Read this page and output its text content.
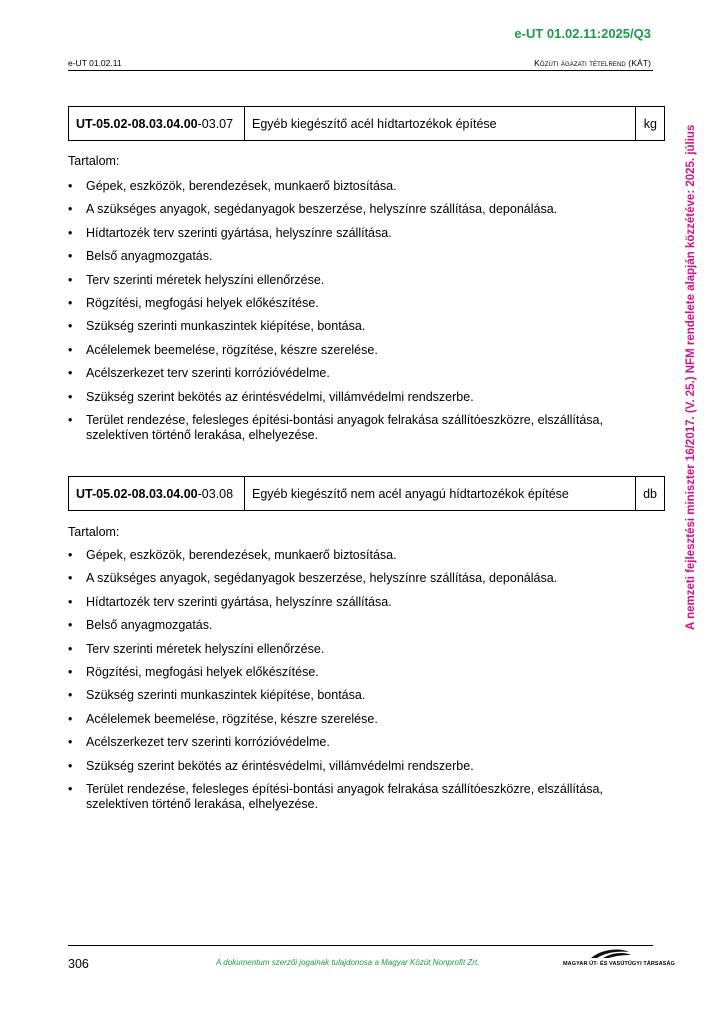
e-UT 01.02.11:2025/Q3
e-UT 01.02.11	Közúti ágazati tételrend (KÁT)
UT-05.02-08.03.04.00-03.07	Egyéb kiegészítő acél hídtartozékok építése	kg
Tartalom:
• Gépek, eszközök, berendezések, munkaerő biztosítása.
• A szükséges anyagok, segédanyagok beszerzése, helyszínre szállítása, deponálása.
• Hídtartozék terv szerinti gyártása, helyszínre szállítása.
• Belső anyagmozgatás.
• Terv szerinti méretek helyszíni ellenőrzése.
• Rögzítési, megfogási helyek előkészítése.
• Szükség szerinti munkaszintek kiépítése, bontása.
• Acélelemek beemelése, rögzítése, készre szerelése.
• Acélszerkezet terv szerinti korrózióvédelme.
• Szükség szerint bekötés az érintésvédelmi, villámvédelmi rendszerbe.
• Terület rendezése, felesleges építési-bontási anyagok felrakása szállítóeszközre, elszállítása, szelektíven történő lerakása, elhelyezése.
UT-05.02-08.03.04.00-03.08	Egyéb kiegészítő nem acél anyagú hídtartozékok építése	db
Tartalom:
• Gépek, eszközök, berendezések, munkaerő biztosítása.
• A szükséges anyagok, segédanyagok beszerzése, helyszínre szállítása, deponálása.
• Hídtartozék terv szerinti gyártása, helyszínre szállítása.
• Belső anyagmozgatás.
• Terv szerinti méretek helyszíni ellenőrzése.
• Rögzítési, megfogási helyek előkészítése.
• Szükség szerinti munkaszintek kiépítése, bontása.
• Acélelemek beemelése, rögzítése, készre szerelése.
• Acélszerkezet terv szerinti korrózióvédelme.
• Szükség szerint bekötés az érintésvédelmi, villámvédelmi rendszerbe.
• Terület rendezése, felesleges építési-bontási anyagok felrakása szállítóeszközre, elszállítása, szelektíven történő lerakása, elhelyezése.
A nemzeti fejlesztési miniszter 16/2017. (V. 25.) NFM rendelete alapján közzétéve: 2025. július
306	A dokumentum szerzői jogainak tulajdonosa a Magyar Közút Nonprofit Zrt.	MAGYAR ÚT- ÉS VASÚTÜGYI TÁRSASÁG
